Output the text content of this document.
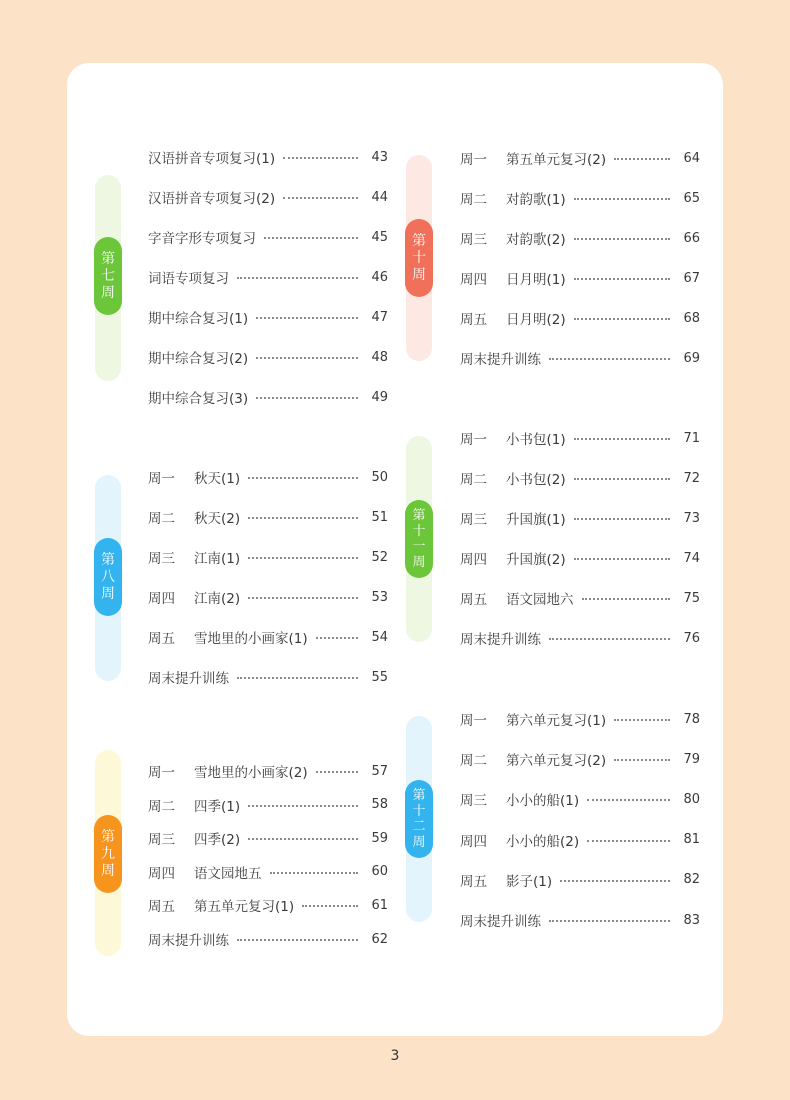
第
七
周
汉语拼音专项复习(1)	43
汉语拼音专项复习(2)	44
字音字形专项复习	45
词语专项复习	46
期中综合复习(1)	47
期中综合复习(2)	48
期中综合复习(3)	49
第
八
周
周一	秋天(1)	50
周二	秋天(2)	51
周三	江南(1)	52
周四	江南(2)	53
周五	雪地里的小画家(1)	54
周末提升训练	55
第
九
周
周一	雪地里的小画家(2)	57
周二	四季(1)	58
周三	四季(2)	59
周四	语文园地五	60
周五	第五单元复习(1)	61
周末提升训练	62
第
十
周
周一	第五单元复习(2)	64
周二	对韵歌(1)	65
周三	对韵歌(2)	66
周四	日月明(1)	67
周五	日月明(2)	68
周末提升训练	69
第
十
一
周
周一	小书包(1)	71
周二	小书包(2)	72
周三	升国旗(1)	73
周四	升国旗(2)	74
周五	语文园地六	75
周末提升训练	76
第
十
二
周
周一	第六单元复习(1)	78
周二	第六单元复习(2)	79
周三	小小的船(1)	80
周四	小小的船(2)	81
周五	影子(1)	82
周末提升训练	83
3
